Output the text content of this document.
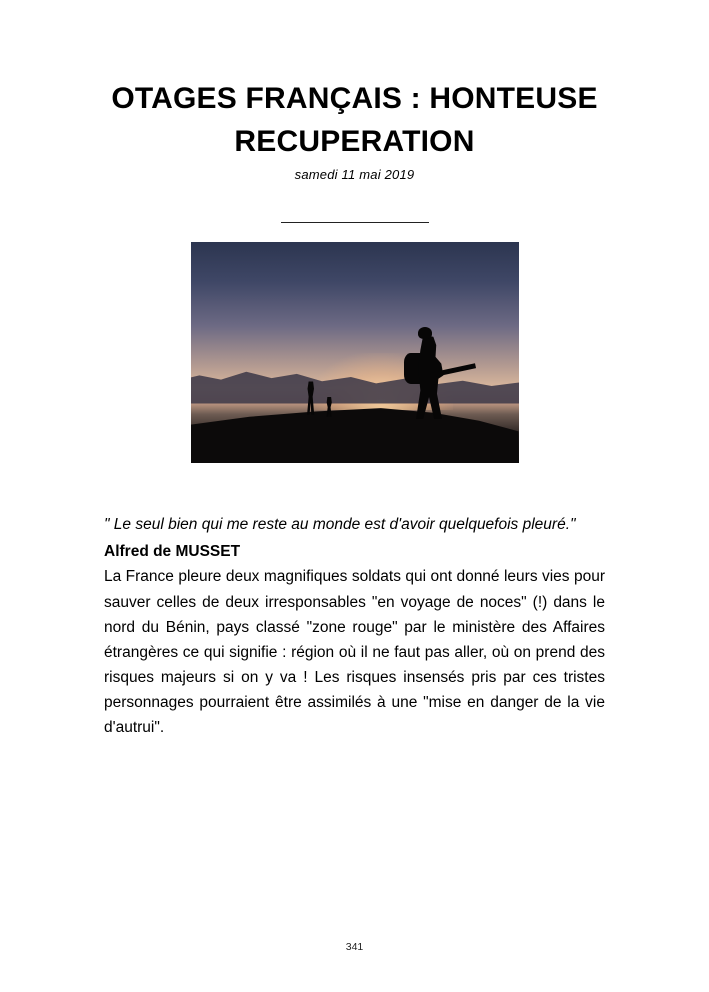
OTAGES FRANÇAIS : HONTEUSE RECUPERATION
samedi 11 mai 2019

" Le seul bien qui me reste au monde est d'avoir quelquefois pleuré."

Alfred de MUSSET

La France pleure deux magnifiques soldats qui ont donné leurs vies pour sauver celles de deux irresponsables "en voyage de noces" (!) dans le nord du Bénin, pays classé "zone rouge" par le ministère des Affaires étrangères ce qui signifie : région où il ne faut pas aller, où on prend des risques majeurs si on y va ! Les risques insensés pris par ces tristes personnages pourraient être assimilés à une "mise en danger de la vie d'autrui".

341
